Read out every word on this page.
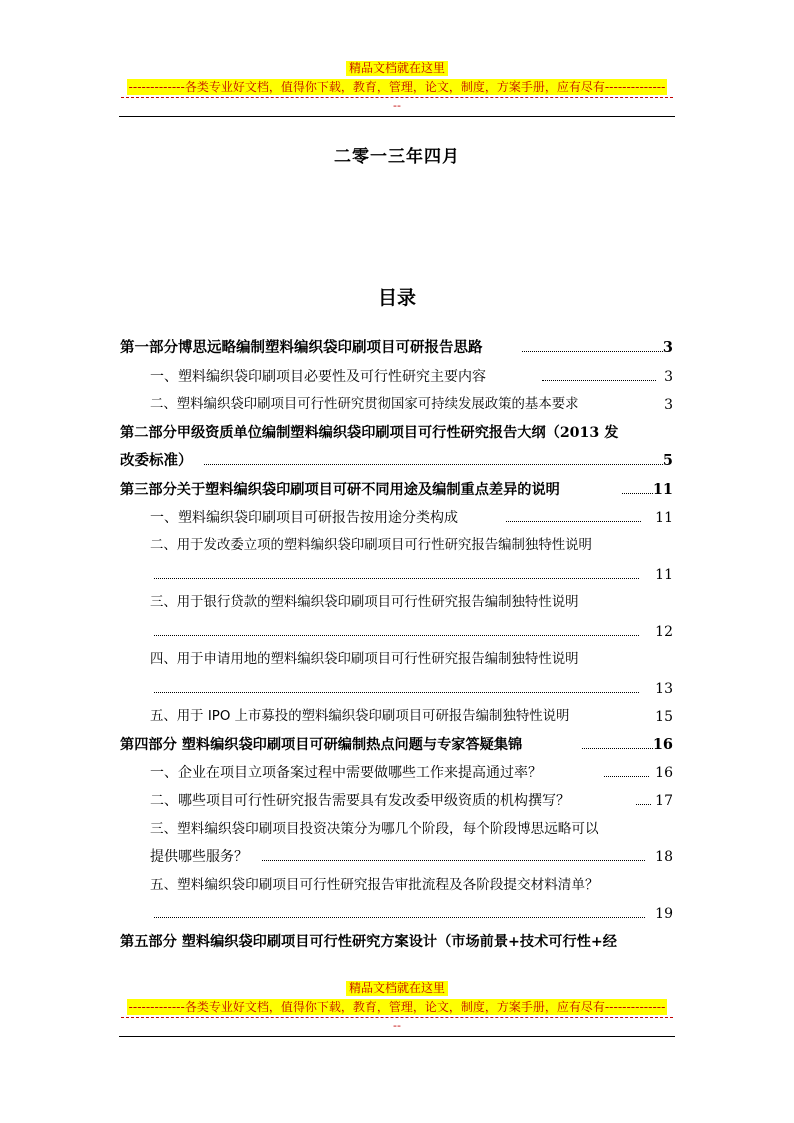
精品文档就在这里
-------------各类专业好文档，值得你下载，教育，管理，论文，制度，方案手册，应有尽有--------------
--
二零一三年四月
目录
第一部分博思远略编制塑料编织袋印刷项目可研报告思路	3
一、塑料编织袋印刷项目必要性及可行性研究主要内容	3
二、塑料编织袋印刷项目可行性研究贯彻国家可持续发展政策的基本要求	3
第二部分甲级资质单位编制塑料编织袋印刷项目可行性研究报告大纲（2013 发
改委标准）	5
第三部分关于塑料编织袋印刷项目可研不同用途及编制重点差异的说明	11
一、塑料编织袋印刷项目可研报告按用途分类构成	11
二、用于发改委立项的塑料编织袋印刷项目可行性研究报告编制独特性说明
11
三、用于银行贷款的塑料编织袋印刷项目可行性研究报告编制独特性说明
12
四、用于申请用地的塑料编织袋印刷项目可行性研究报告编制独特性说明
13
五、用于 IPO 上市募投的塑料编织袋印刷项目可研报告编制独特性说明	15
第四部分 塑料编织袋印刷项目可研编制热点问题与专家答疑集锦	16
一、企业在项目立项备案过程中需要做哪些工作来提高通过率？	16
二、哪些项目可行性研究报告需要具有发改委甲级资质的机构撰写？	17
三、塑料编织袋印刷项目投资决策分为哪几个阶段，每个阶段博思远略可以
提供哪些服务？	18
五、塑料编织袋印刷项目可行性研究报告审批流程及各阶段提交材料清单？
19
第五部分 塑料编织袋印刷项目可行性研究方案设计（市场前景+技术可行性+经
精品文档就在这里
-------------各类专业好文档，值得你下载，教育，管理，论文，制度，方案手册，应有尽有--------------
--
